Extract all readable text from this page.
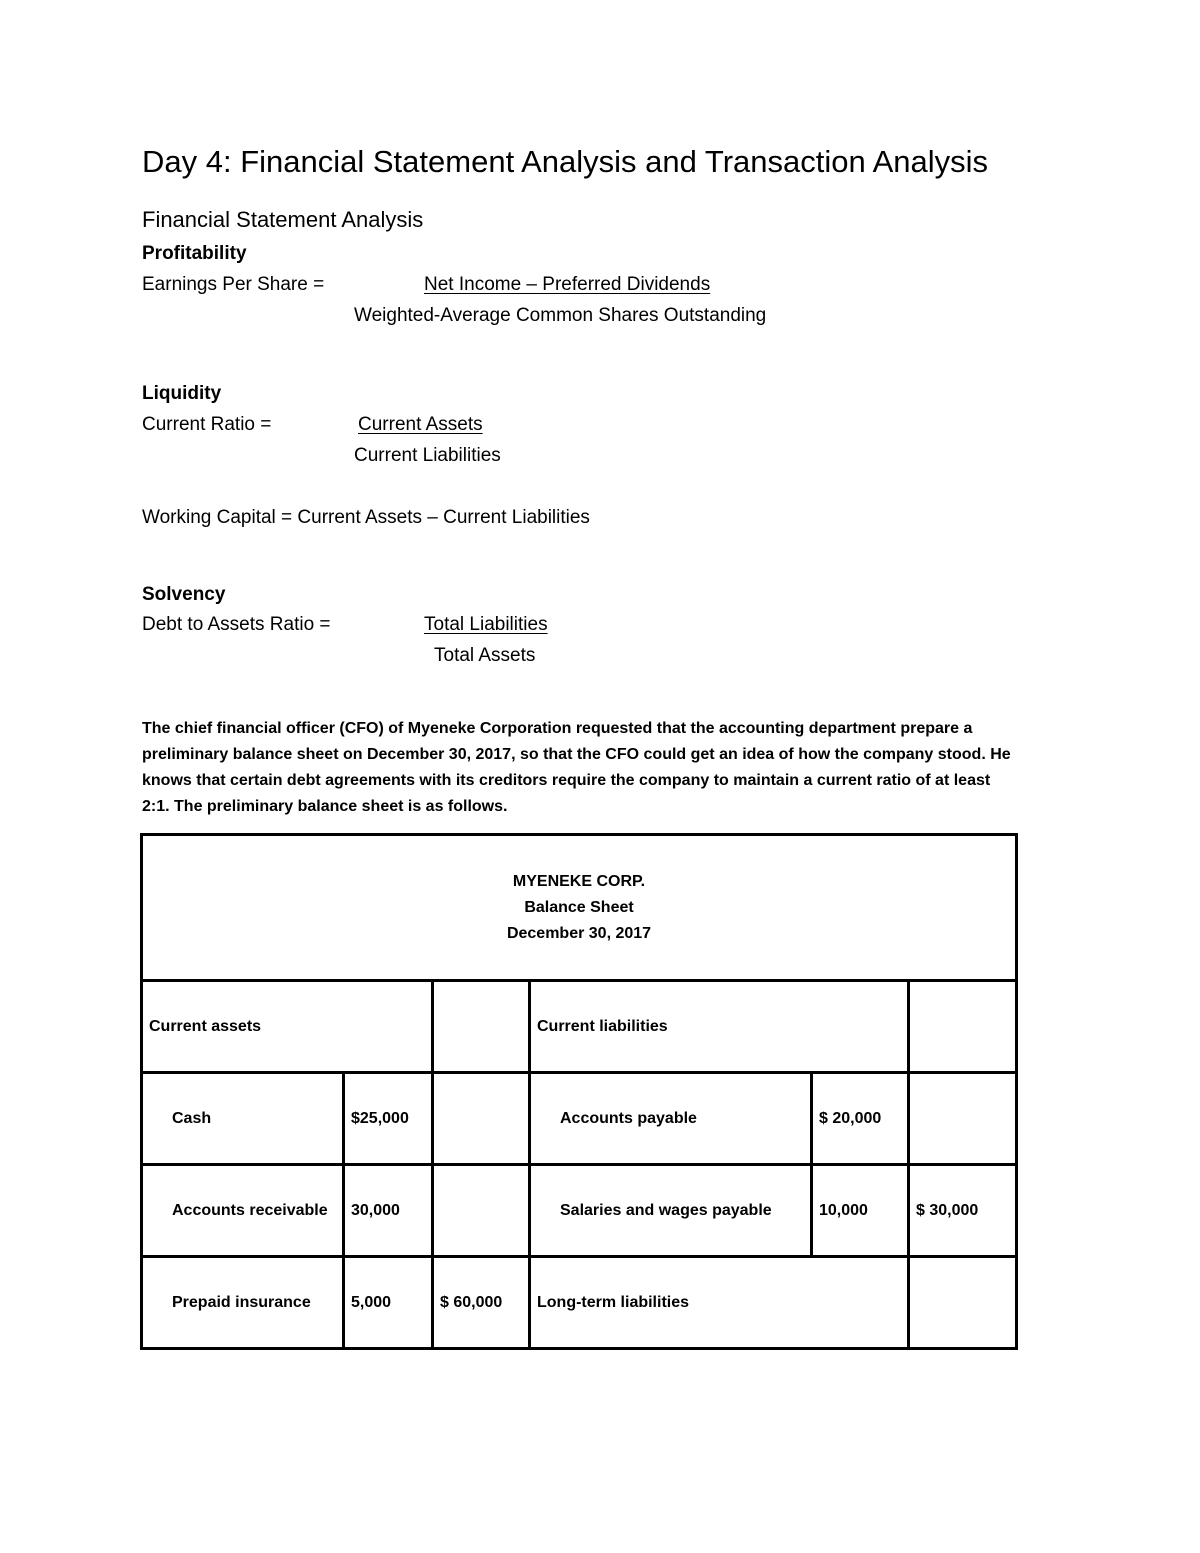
Day 4: Financial Statement Analysis and Transaction Analysis
Financial Statement Analysis
Profitability
Earnings Per Share =	Net Income – Preferred Dividends
Weighted-Average Common Shares Outstanding
Liquidity
Current Ratio =	Current Assets
Current Liabilities
Working Capital = Current Assets – Current Liabilities
Solvency
Debt to Assets Ratio =	Total Liabilities
Total Assets

The chief financial officer (CFO) of Myeneke Corporation requested that the accounting department prepare a

preliminary balance sheet on December 30, 2017, so that the CFO could get an idea of how the company stood. He

knows that certain debt agreements with its creditors require the company to maintain a current ratio of at least

2:1. The preliminary balance sheet is as follows.

MYENEKE CORP.
Balance Sheet
December 30, 2017					

Current assets			Current liabilities		
Cash	$25,000		Accounts payable	$ 20,000	
Accounts receivable	30,000		Salaries and wages payable	10,000	$ 30,000
Prepaid insurance	5,000	$ 60,000	Long-term liabilities		
